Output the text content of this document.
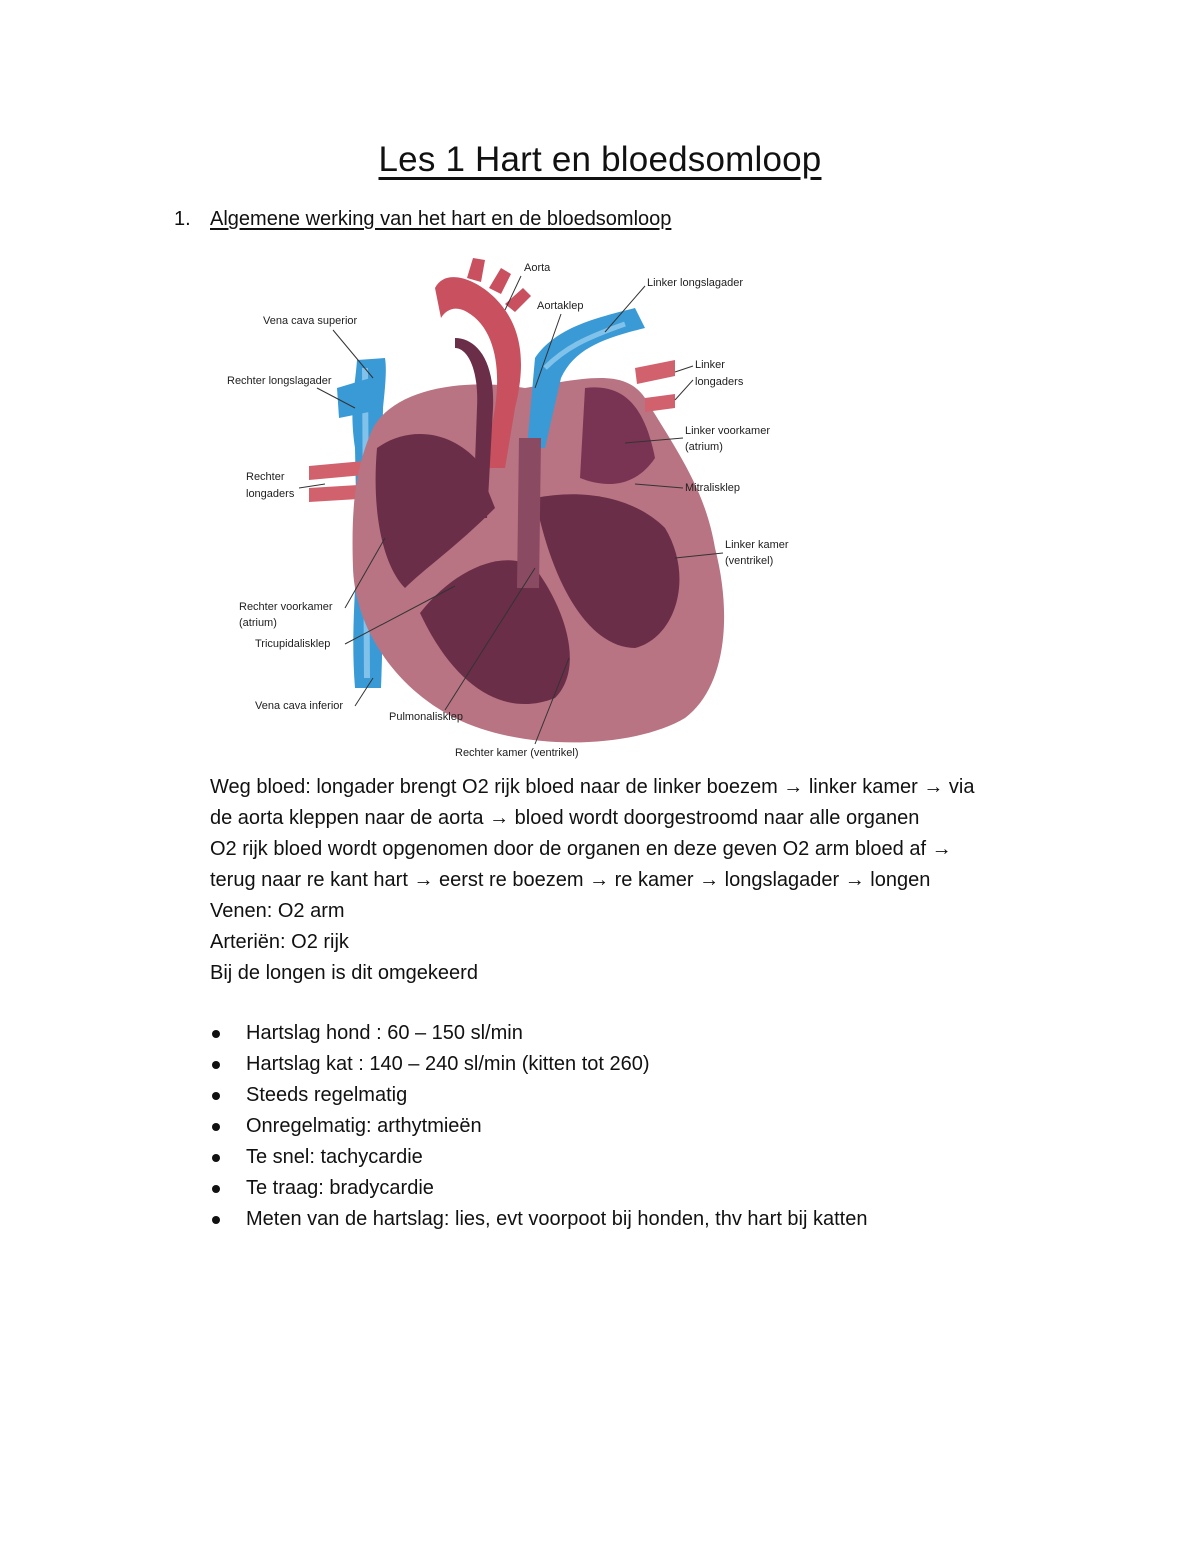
Les 1 Hart en bloedsomloop
1. Algemene werking van het hart en de bloedsomloop
Aorta
Aortaklep
Linker longslagader
Vena cava superior
Rechter longslagader
Linker
longaders
Linker voorkamer
(atrium)
Rechter
longaders	Mitralisklep
Linker kamer
(ventrikel)
Rechter voorkamer
(atrium)
Tricupidalisklep
Vena cava inferior
Pulmonalisklep
Rechter kamer (ventrikel)

Weg bloed: longader brengt O2 rijk bloed naar de linker boezem → linker kamer → via

de aorta kleppen naar de aorta → bloed wordt doorgestroomd naar alle organen

O2 rijk bloed wordt opgenomen door de organen en deze geven O2 arm bloed af →

terug naar re kant hart → eerst re boezem → re kamer → longslagader → longen

Venen: O2 arm

Arteriën: O2 rijk

Bij de longen is dit omgekeerd

Hartslag hond : 60 – 150 sl/min
Hartslag kat : 140 – 240 sl/min (kitten tot 260)
Steeds regelmatig
Onregelmatig: arthytmieën
Te snel: tachycardie
Te traag: bradycardie
Meten van de hartslag: lies, evt voorpoot bij honden, thv hart bij katten
